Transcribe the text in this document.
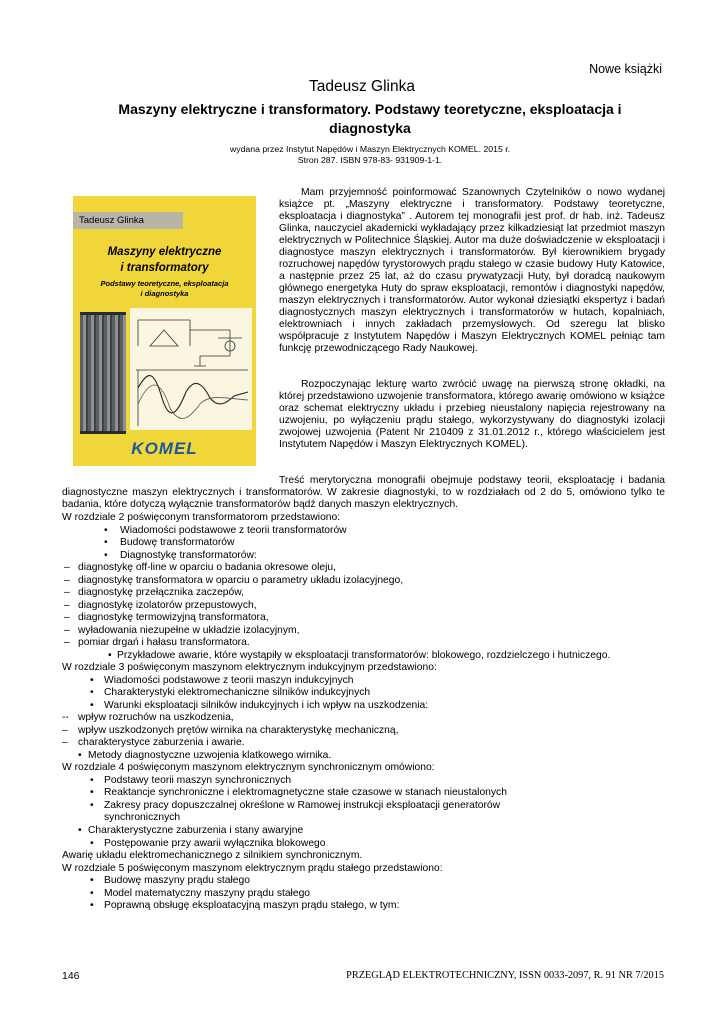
Nowe książki
Tadeusz Glinka
Maszyny elektryczne i transformatory. Podstawy teoretyczne, eksploatacja i diagnostyka
wydana przez Instytut Napędów i Maszyn Elektrycznych KOMEL. 2015 r.
Stron 287. ISBN 978-83- 931909-1-1.
Tadeusz Glinka
Maszyny elektryczne
i transformatory
Podstawy teoretyczne, eksploatacja
i diagnostyka
KOMEL
Mam przyjemność poinformować Szanownych Czytelników o nowo wydanej książce pt. „Maszyny elektryczne i transformatory. Podstawy teoretyczne, eksploatacja i diagnostyka” . Autorem tej monografii jest prof. dr hab. inż. Tadeusz Glinka, nauczyciel akademicki wykładający przez kilkadziesiąt lat przedmiot maszyn elektrycznych w Politechnice Śląskiej. Autor ma duże doświadczenie w eksploatacji i diagnostyce maszyn elektrycznych i transformatorów. Był kierownikiem brygady rozruchowej napędów tyrystorowych prądu stałego w czasie budowy Huty Katowice, a następnie przez 25 lat, aż do czasu prywatyzacji Huty, był doradcą naukowym głównego energetyka Huty do spraw eksploatacji, remontów i diagnostyki napędów, maszyn elektrycznych i transformatorów. Autor wykonał dziesiątki ekspertyz i badań diagnostycznych maszyn elektrycznych i transformatorów w hutach, kopalniach, elektrowniach i innych zakładach przemysłowych. Od szeregu lat blisko współpracuje z Instytutem Napędów i Maszyn Elektrycznych KOMEL pełniąc tam funkcję przewodniczącego Rady Naukowej.
Rozpoczynając lekturę warto zwrócić uwagę na pierwszą stronę okładki, na której przedstawiono uzwojenie transformatora, którego awarię omówiono w książce oraz schemat elektryczny układu i przebieg nieustalony napięcia rejestrowany na uzwojeniu, po wyłączeniu prądu stałego, wykorzystywany do diagnostyki izolacji zwojowej uzwojenia (Patent Nr 210409 z 31.01.2012 r., którego właścicielem jest Instytutem Napędów i Maszyn Elektrycznych KOMEL).
Treść merytoryczna monografii obejmuje podstawy teorii, eksploatację i badania diagnostyczne maszyn elektrycznych i transformatorów. W zakresie diagnostyki, to w rozdziałach od 2 do 5, omówiono tylko te badania, które dotyczą wyłącznie transformatorów bądź danych maszyn elektrycznych.
W rozdziale 2 poświęconym transformatorom przedstawiono:
• Wiadomości podstawowe z teorii transformatorów
• Budowę transformatorów
• Diagnostykę transformatorów:
– diagnostykę off-line w oparciu o badania okresowe oleju,
– diagnostykę transformatora w oparciu o parametry układu izolacyjnego,
– diagnostykę przełącznika zaczepów,
– diagnostykę izolatorów przepustowych,
– diagnostykę termowizyjną transformatora,
– wyładowania niezupełne w układzie izolacyjnym,
– pomiar drgań i hałasu transformatora.
• Przykładowe awarie, które wystąpiły w eksploatacji transformatorów: blokowego, rozdzielczego i hutniczego.
W rozdziale 3 poświęconym maszynom elektrycznym indukcyjnym przedstawiono:
• Wiadomości podstawowe z teorii maszyn indukcyjnych
• Charakterystyki elektromechaniczne silników indukcyjnych
• Warunki eksploatacji silników indukcyjnych i ich wpływ na uszkodzenia:
-- wpływ rozruchów na uszkodzenia,
– wpływ uszkodzonych prętów wirnika na charakterystykę mechaniczną,
– charakterystyce zaburzenia i awarie.
• Metody diagnostyczne uzwojenia klatkowego wirnika.
W rozdziale 4 poświęconym maszynom elektrycznym synchronicznym omówiono:
• Podstawy teorii maszyn synchronicznych
• Reaktancje synchroniczne i elektromagnetyczne stałe czasowe w stanach nieustalonych
• Zakresy pracy dopuszczalnej określone w Ramowej instrukcji eksploatacji generatorów
synchronicznych
• Charakterystyczne zaburzenia i stany awaryjne
• Postępowanie przy awarii wyłącznika blokowego
Awarię układu elektromechanicznego z silnikiem synchronicznym.
W rozdziale 5 poświęconym maszynom elektrycznym prądu stałego przedstawiono:
• Budowę maszyny prądu stałego
• Model matematyczny maszyny prądu stałego
• Poprawną obsługę eksploatacyjną maszyn prądu stałego, w tym:
146	PRZEGLĄD ELEKTROTECHNICZNY, ISSN 0033-2097, R. 91 NR 7/2015
